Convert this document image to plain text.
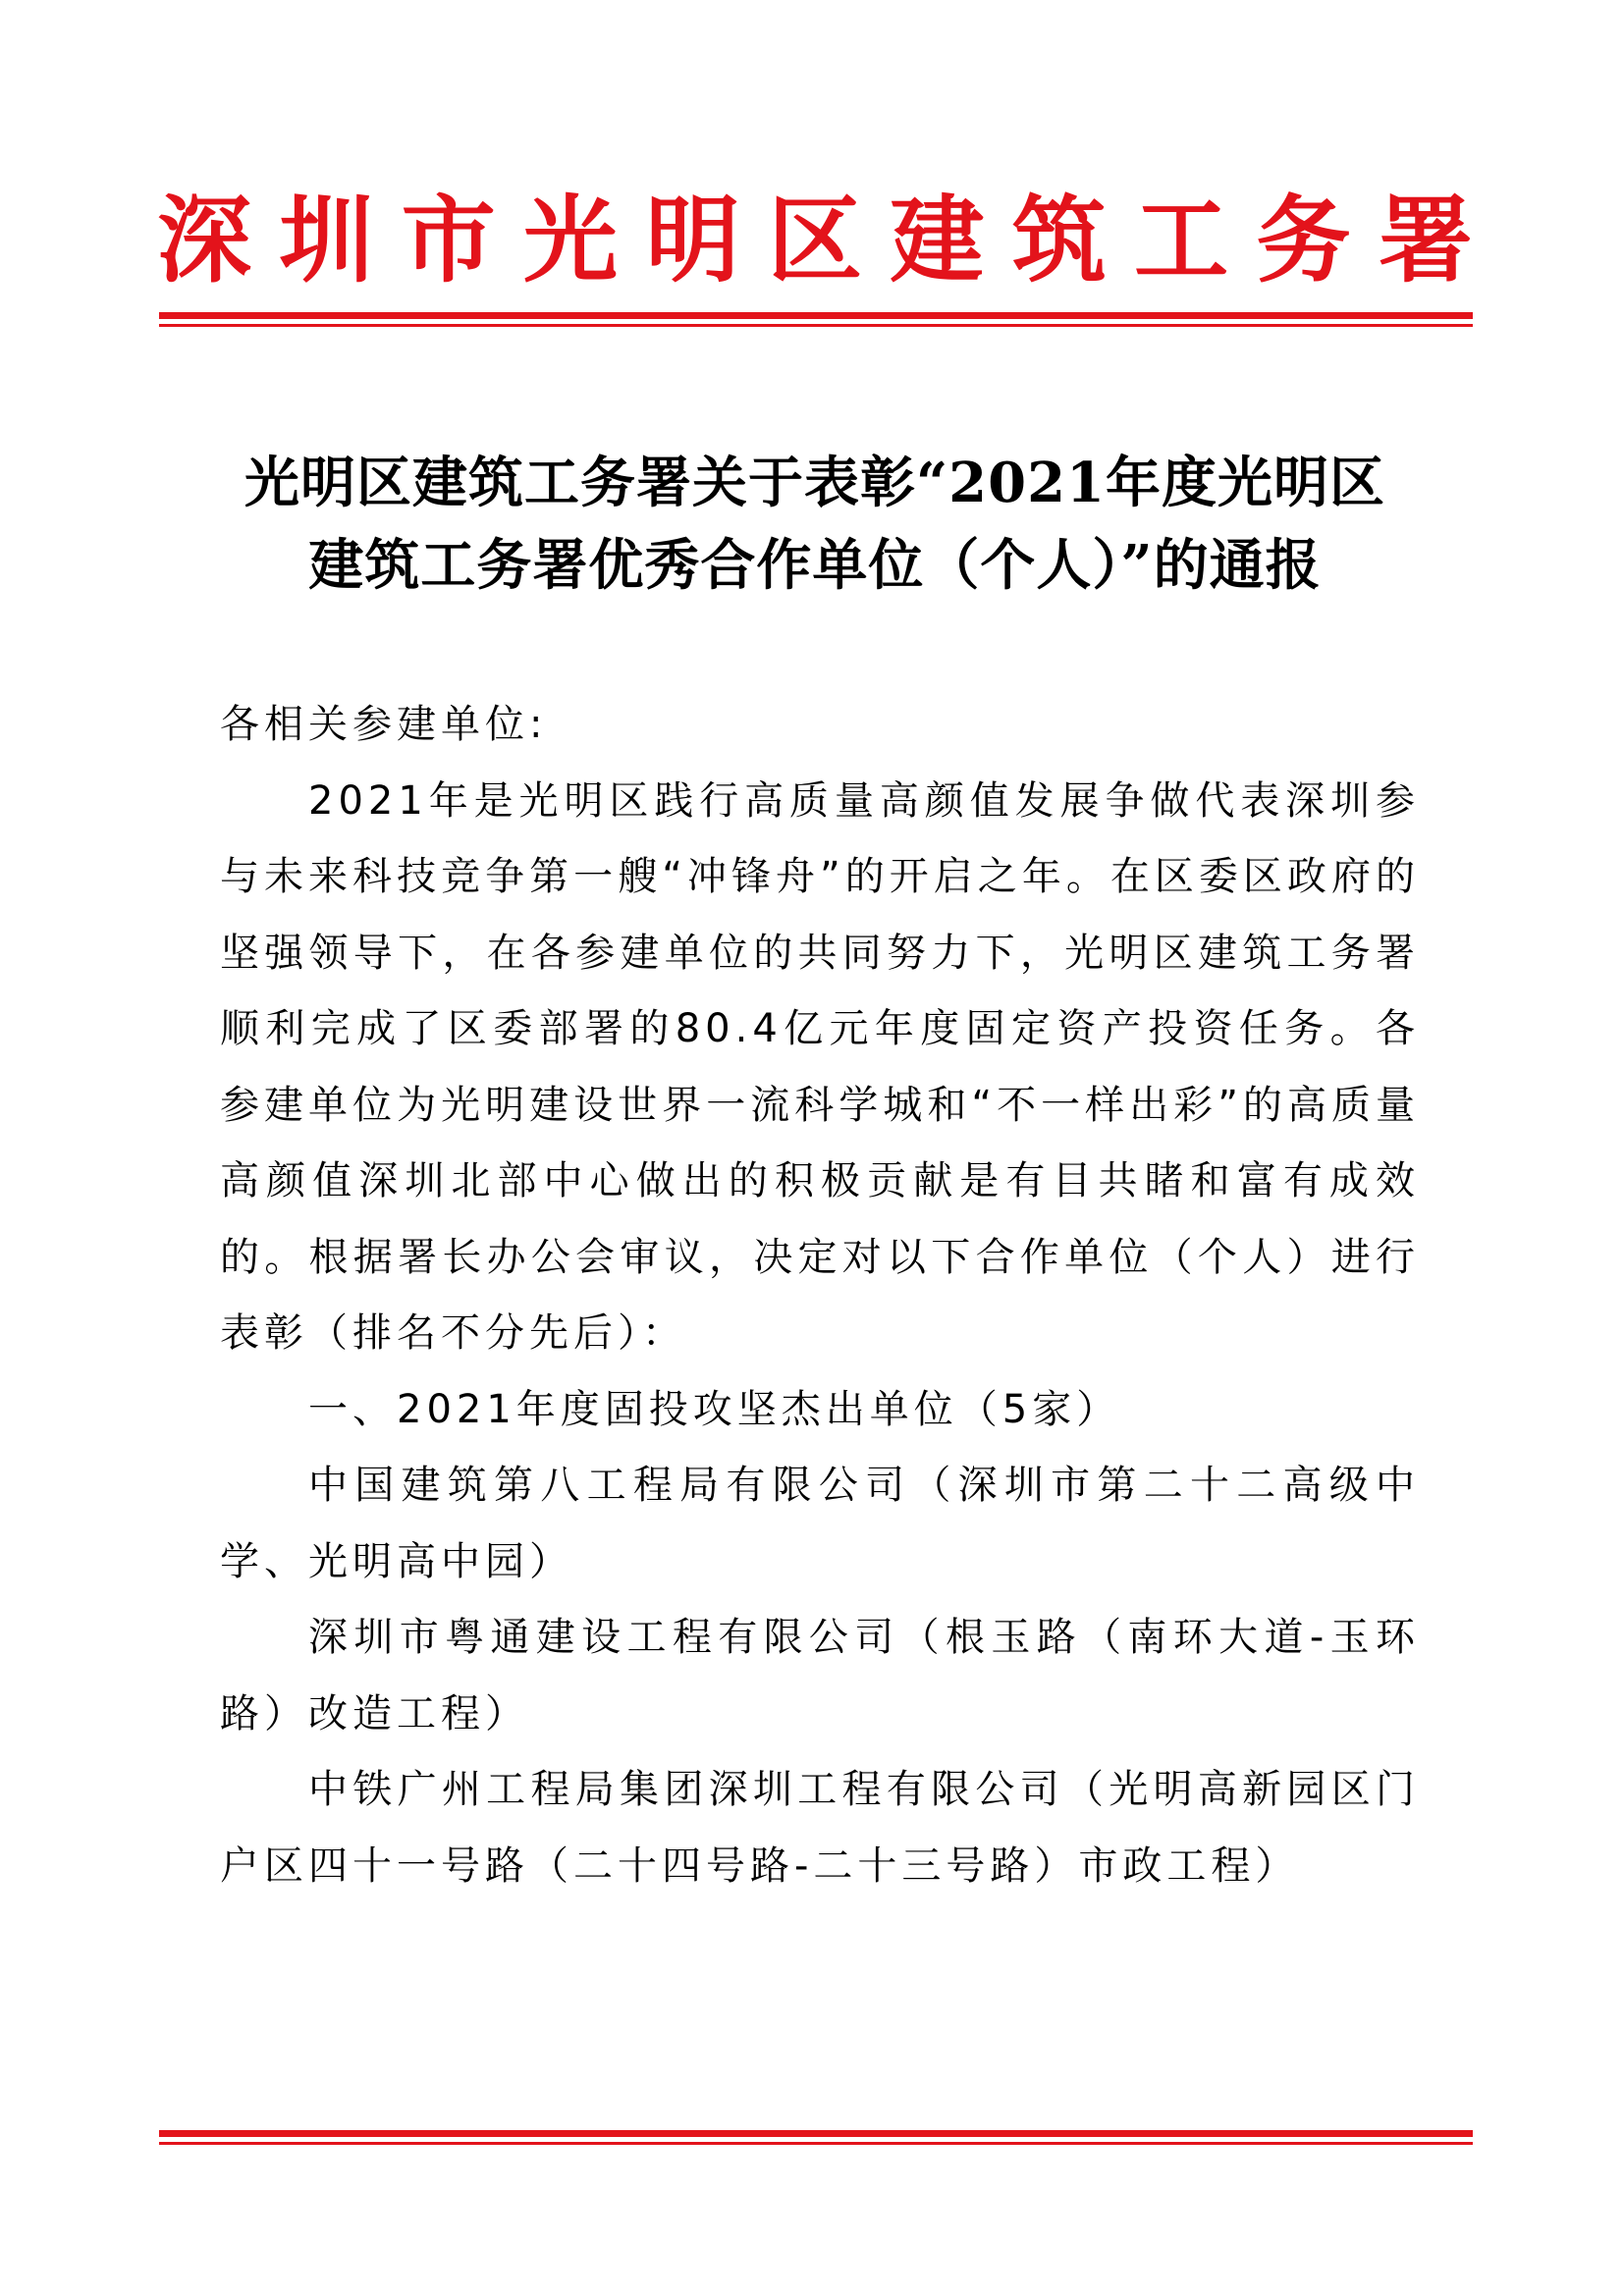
深 圳 市 光 明 区 建 筑 工 务 署
光明区建筑工务署关于表彰“2021年度光明区
建筑工务署优秀合作单位（个人）”的通报

各相关参建单位:

2021年是光明区践行高质量高颜值发展争做代表深圳参与未来科技竞争第一艘“冲锋舟”的开启之年。在区委区政府的坚强领导下，在各参建单位的共同努力下，光明区建筑工务署顺利完成了区委部署的80.4亿元年度固定资产投资任务。各参建单位为光明建设世界一流科学城和“不一样出彩”的高质量高颜值深圳北部中心做出的积极贡献是有目共睹和富有成效的。根据署长办公会审议，决定对以下合作单位（个人）进行表彰（排名不分先后）：

一、2021年度固投攻坚杰出单位（5家）

中国建筑第八工程局有限公司（深圳市第二十二高级中学、光明高中园）

深圳市粤通建设工程有限公司（根玉路（南环大道-玉环路）改造工程）

中铁广州工程局集团深圳工程有限公司（光明高新园区门户区四十一号路（二十四号路-二十三号路）市政工程）
